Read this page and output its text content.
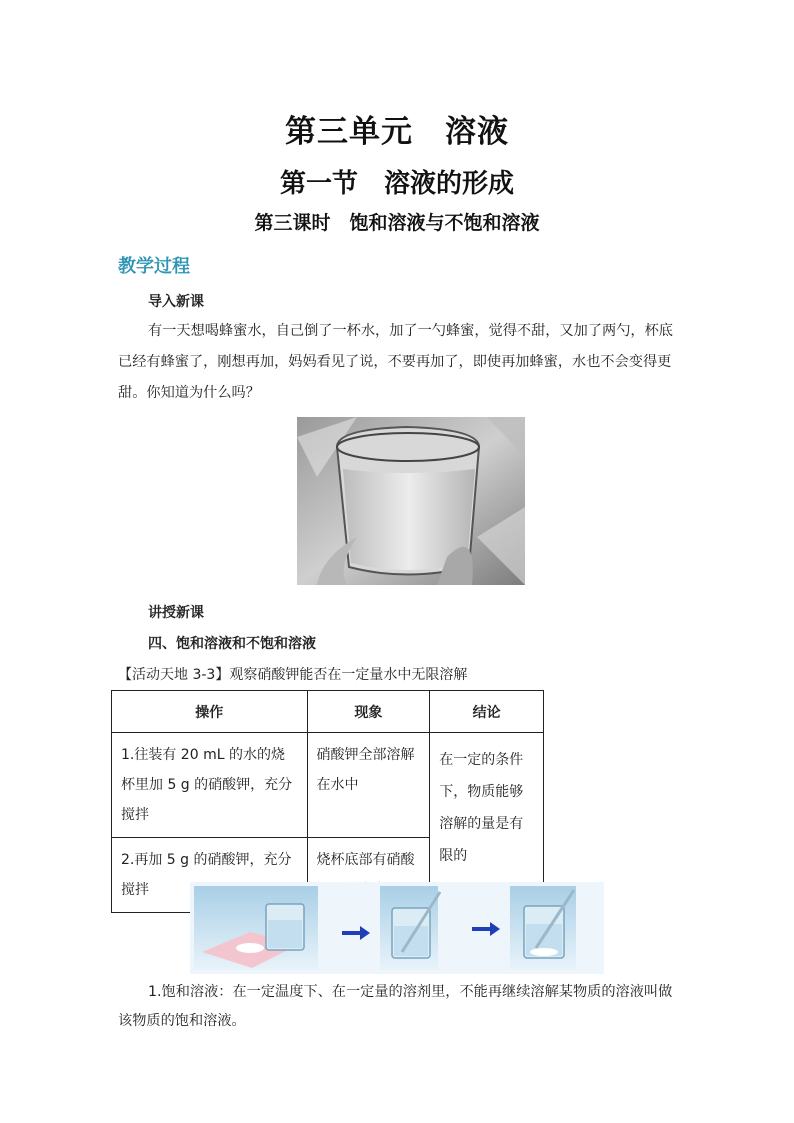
第三单元　溶液
第一节　溶液的形成
第三课时　饱和溶液与不饱和溶液
教学过程
导入新课
有一天想喝蜂蜜水，自己倒了一杯水，加了一勺蜂蜜，觉得不甜，又加了两勺，杯底已经有蜂蜜了，刚想再加，妈妈看见了说，不要再加了，即使再加蜂蜜，水也不会变得更甜。你知道为什么吗？
讲授新课
四、饱和溶液和不饱和溶液
【活动天地 3-3】观察硝酸钾能否在一定量水中无限溶解
操作	现象	结论

1.往装有 20 mL 的水的烧杯里加 5 g 的硝酸钾，充分搅拌	硝酸钾全部溶解在水中	在一定的条件下，物质能够溶解的量是有限的

2.再加 5 g 的硝酸钾，充分搅拌	烧杯底部有硝酸	
1.饱和溶液：在一定温度下、在一定量的溶剂里，不能再继续溶解某物质的溶液叫做该物质的饱和溶液。
